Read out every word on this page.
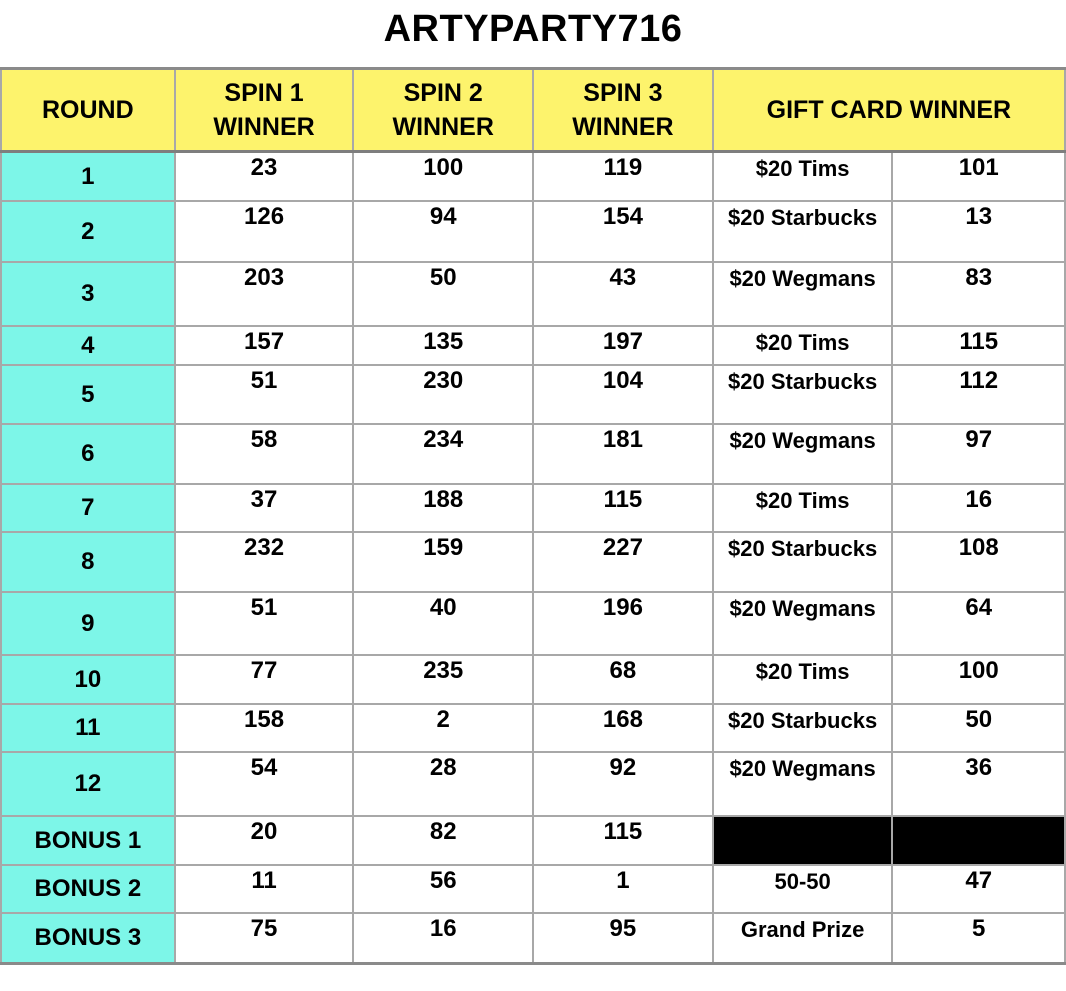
ARTYPARTY716
ROUND	SPIN 1 WINNER	SPIN 2 WINNER	SPIN 3 WINNER	GIFT CARD WINNER	
1	23	100	119	$20 Tims	101
2	126	94	154	$20 Starbucks	13
3	203	50	43	$20 Wegmans	83
4	157	135	197	$20 Tims	115
5	51	230	104	$20 Starbucks	112
6	58	234	181	$20 Wegmans	97
7	37	188	115	$20 Tims	16
8	232	159	227	$20 Starbucks	108
9	51	40	196	$20 Wegmans	64
10	77	235	68	$20 Tims	100
11	158	2	168	$20 Starbucks	50
12	54	28	92	$20 Wegmans	36
BONUS 1	20	82	115		
BONUS 2	11	56	1	50-50	47
BONUS 3	75	16	95	Grand Prize	5
